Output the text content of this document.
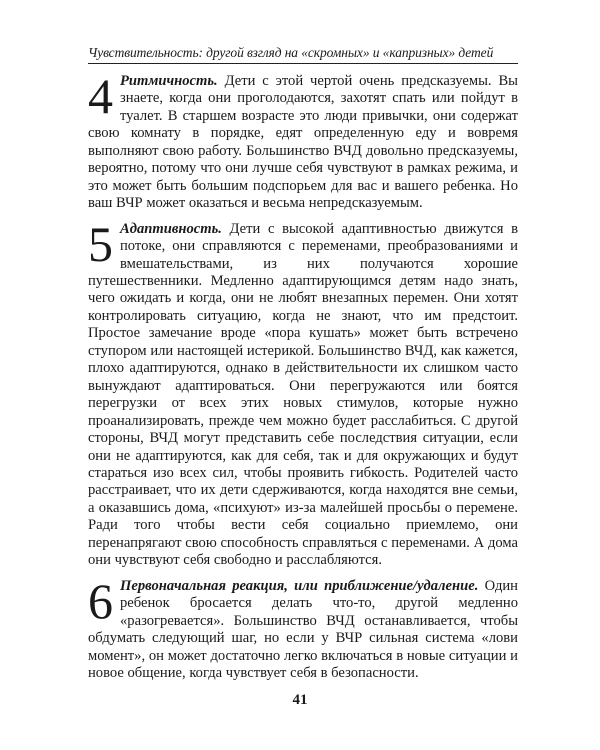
Чувствительность: другой взгляд на «скромных» и «капризных» детей

4 Ритмичность. Дети с этой чертой очень предсказуемы. Вы знаете, когда они проголодаются, захотят спать или пойдут в туалет. В старшем возрасте это люди привычки, они содержат свою комнату в порядке, едят определенную еду и вовремя выполняют свою работу. Большинство ВЧД довольно предсказуемы, вероятно, потому что они лучше себя чувствуют в рамках режима, и это может быть большим подспорьем для вас и вашего ребенка. Но ваш ВЧР может оказаться и весьма непредсказуемым.

5 Адаптивность. Дети с высокой адаптивностью движутся в потоке, они справляются с переменами, преобразованиями и вмешательствами, из них получаются хорошие путешественники. Медленно адаптирующимся детям надо знать, чего ожидать и когда, они не любят внезапных перемен. Они хотят контролировать ситуацию, когда не знают, что им предстоит. Простое замечание вроде «пора кушать» может быть встречено ступором или настоящей истерикой. Большинство ВЧД, как кажется, плохо адаптируются, однако в действительности их слишком часто вынуждают адаптироваться. Они перегружаются или боятся перегрузки от всех этих новых стимулов, которые нужно проанализировать, прежде чем можно будет расслабиться. С другой стороны, ВЧД могут представить себе последствия ситуации, если они не адаптируются, как для себя, так и для окружающих и будут стараться изо всех сил, чтобы проявить гибкость. Родителей часто расстраивает, что их дети сдерживаются, когда находятся вне семьи, а оказавшись дома, «психуют» из-за малейшей просьбы о перемене. Ради того чтобы вести себя социально приемлемо, они перенапрягают свою способность справляться с переменами. А дома они чувствуют себя свободно и расслабляются.

6 Первоначальная реакция, или приближение/удаление. Один ребенок бросается делать что-то, другой медленно «разогревается». Большинство ВЧД останавливается, чтобы обдумать следующий шаг, но если у ВЧР сильная система «лови момент», он может достаточно легко включаться в новые ситуации и новое общение, когда чувствует себя в безопасности.

41
